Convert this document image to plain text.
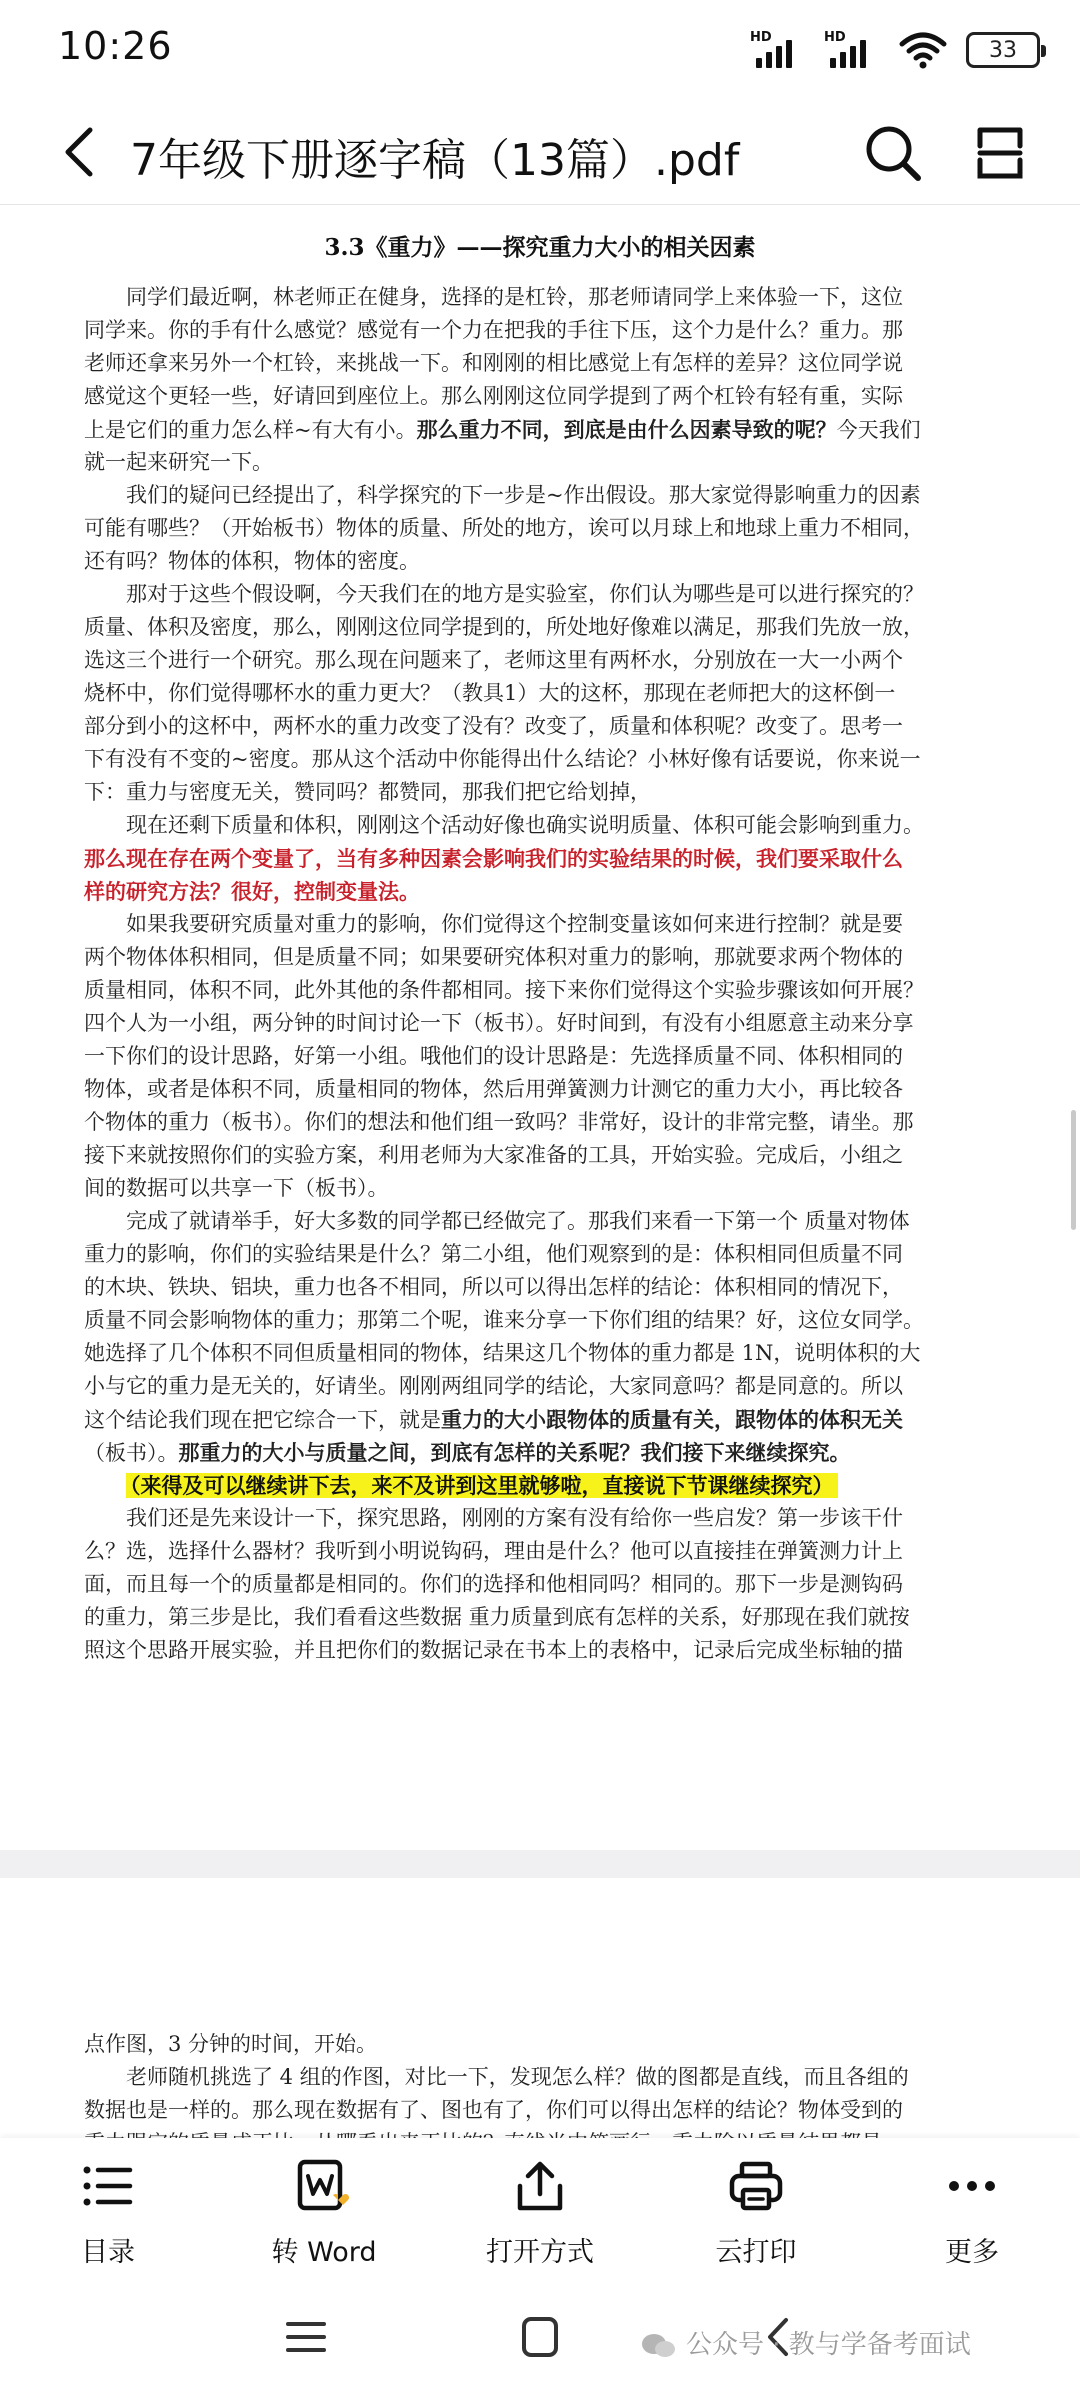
10:26	HD	HD	33
7年级下册逐字稿（13篇）.pdf
3.3《重力》——探究重力大小的相关因素
　　同学们最近啊，林老师正在健身，选择的是杠铃，那老师请同学上来体验一下，这位
同学来。你的手有什么感觉？感觉有一个力在把我的手往下压，这个力是什么？重力。那
老师还拿来另外一个杠铃，来挑战一下。和刚刚的相比感觉上有怎样的差异？这位同学说
感觉这个更轻一些，好请回到座位上。那么刚刚这位同学提到了两个杠铃有轻有重，实际
上是它们的重力怎么样~有大有小。那么重力不同，到底是由什么因素导致的呢？今天我们
就一起来研究一下。
　　我们的疑问已经提出了，科学探究的下一步是~作出假设。那大家觉得影响重力的因素
可能有哪些？（开始板书）物体的质量、所处的地方，诶可以月球上和地球上重力不相同，
还有吗？物体的体积，物体的密度。
　　那对于这些个假设啊，今天我们在的地方是实验室，你们认为哪些是可以进行探究的？
质量、体积及密度，那么，刚刚这位同学提到的，所处地好像难以满足，那我们先放一放，
选这三个进行一个研究。那么现在问题来了，老师这里有两杯水，分别放在一大一小两个
烧杯中，你们觉得哪杯水的重力更大？（教具1）大的这杯，那现在老师把大的这杯倒一
部分到小的这杯中，两杯水的重力改变了没有？改变了，质量和体积呢？改变了。思考一
下有没有不变的~密度。那从这个活动中你能得出什么结论？小林好像有话要说，你来说一
下：重力与密度无关，赞同吗？都赞同，那我们把它给划掉，
　　现在还剩下质量和体积，刚刚这个活动好像也确实说明质量、体积可能会影响到重力。
那么现在存在两个变量了，当有多种因素会影响我们的实验结果的时候，我们要采取什么
样的研究方法？很好，控制变量法。
　　如果我要研究质量对重力的影响，你们觉得这个控制变量该如何来进行控制？就是要
两个物体体积相同，但是质量不同；如果要研究体积对重力的影响，那就要求两个物体的
质量相同，体积不同，此外其他的条件都相同。接下来你们觉得这个实验步骤该如何开展？
四个人为一小组，两分钟的时间讨论一下（板书）。好时间到，有没有小组愿意主动来分享
一下你们的设计思路，好第一小组。哦他们的设计思路是：先选择质量不同、体积相同的
物体，或者是体积不同，质量相同的物体，然后用弹簧测力计测它的重力大小，再比较各
个物体的重力（板书）。你们的想法和他们组一致吗？非常好，设计的非常完整，请坐。那
接下来就按照你们的实验方案，利用老师为大家准备的工具，开始实验。完成后，小组之
间的数据可以共享一下（板书）。
　　完成了就请举手，好大多数的同学都已经做完了。那我们来看一下第一个 质量对物体
重力的影响，你们的实验结果是什么？第二小组，他们观察到的是：体积相同但质量不同
的木块、铁块、铝块，重力也各不相同，所以可以得出怎样的结论：体积相同的情况下，
质量不同会影响物体的重力；那第二个呢，谁来分享一下你们组的结果？好，这位女同学。
她选择了几个体积不同但质量相同的物体，结果这几个物体的重力都是 1N，说明体积的大
小与它的重力是无关的，好请坐。刚刚两组同学的结论，大家同意吗？都是同意的。所以
这个结论我们现在把它综合一下，就是重力的大小跟物体的质量有关，跟物体的体积无关
（板书）。那重力的大小与质量之间，到底有怎样的关系呢？我们接下来继续探究。
　　（来得及可以继续讲下去，来不及讲到这里就够啦，直接说下节课继续探究）
　　我们还是先来设计一下，探究思路，刚刚的方案有没有给你一些启发？第一步该干什
么？选，选择什么器材？我听到小明说钩码，理由是什么？他可以直接挂在弹簧测力计上
面，而且每一个的质量都是相同的。你们的选择和他相同吗？相同的。那下一步是测钩码
的重力，第三步是比，我们看看这些数据 重力质量到底有怎样的关系，好那现在我们就按
照这个思路开展实验，并且把你们的数据记录在书本上的表格中，记录后完成坐标轴的描
点作图，3 分钟的时间，开始。
　　老师随机挑选了 4 组的作图，对比一下，发现怎么样？做的图都是直线，而且各组的
数据也是一样的。那么现在数据有了、图也有了，你们可以得出怎样的结论？物体受到的
目录	转 Word	打开方式	云打印	更多
公众号 · 教与学备考面试
